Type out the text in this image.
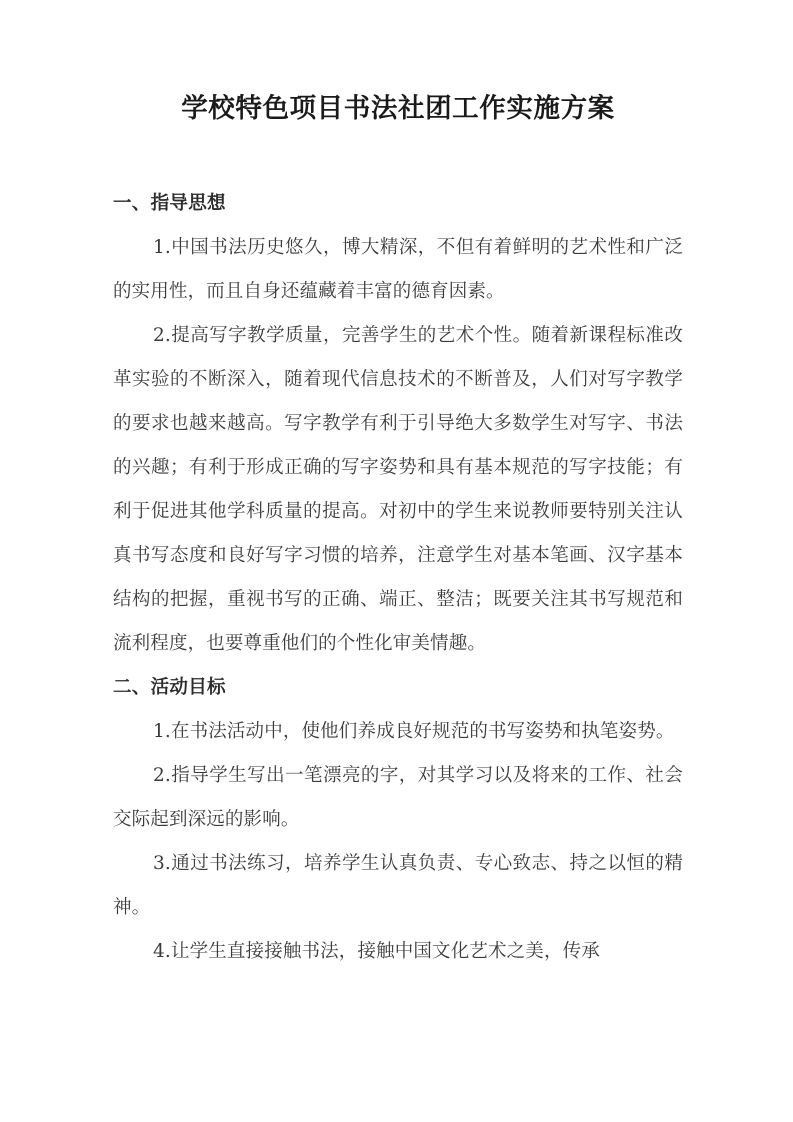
学校特色项目书法社团工作实施方案
一、指导思想
1.中国书法历史悠久，博大精深，不但有着鲜明的艺术性和广泛的实用性，而且自身还蕴藏着丰富的德育因素。
2.提高写字教学质量，完善学生的艺术个性。随着新课程标准改革实验的不断深入，随着现代信息技术的不断普及，人们对写字教学的要求也越来越高。写字教学有利于引导绝大多数学生对写字、书法的兴趣；有利于形成正确的写字姿势和具有基本规范的写字技能；有利于促进其他学科质量的提高。对初中的学生来说教师要特别关注认真书写态度和良好写字习惯的培养，注意学生对基本笔画、汉字基本结构的把握，重视书写的正确、端正、整洁；既要关注其书写规范和流利程度，也要尊重他们的个性化审美情趣。
二、活动目标
1.在书法活动中，使他们养成良好规范的书写姿势和执笔姿势。
2.指导学生写出一笔漂亮的字，对其学习以及将来的工作、社会交际起到深远的影响。
3.通过书法练习，培养学生认真负责、专心致志、持之以恒的精神。
4.让学生直接接触书法，接触中国文化艺术之美，传承
